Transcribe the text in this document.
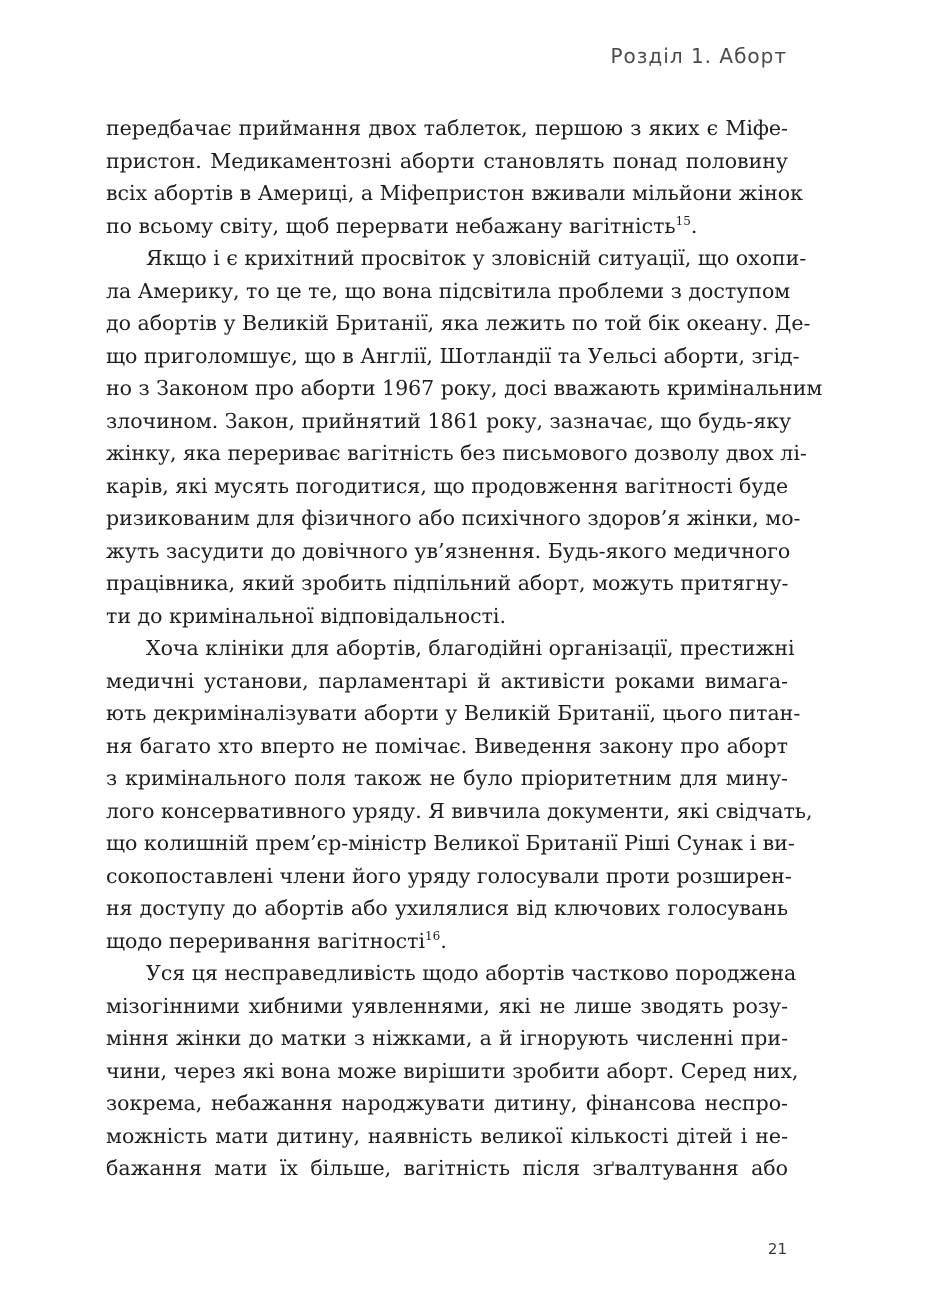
Розділ 1. Аборт
передбачає приймання двох таблеток, першою з яких є Міфе-
пристон. Медикаментозні аборти становлять понад половину
всіх абортів в Америці, а Міфепристон вживали мільйони жінок
по всьому світу, щоб перервати небажану вагітність$^{15}$.
Якщо і є крихітний просвіток у зловісній ситуації, що охопи-
ла Америку, то це те, що вона підсвітила проблеми з доступом
до абортів у Великій Британії, яка лежить по той бік океану. Де-
що приголомшує, що в Англії, Шотландії та Уельсі аборти, згід-
но з Законом про аборти 1967 року, досі вважають кримінальним
злочином. Закон, прийнятий 1861 року, зазначає, що будь-яку
жінку, яка перериває вагітність без письмового дозволу двох лі-
карів, які мусять погодитися, що продовження вагітності буде
ризикованим для фізичного або психічного здоров’я жінки, мо-
жуть засудити до довічного ув’язнення. Будь-якого медичного
працівника, який зробить підпільний аборт, можуть притягну-
ти до кримінальної відповідальності.
Хоча клініки для абортів, благодійні організації, престижні
медичні установи, парламентарі й активісти роками вимага-
ють декриміналізувати аборти у Великій Британії, цього питан-
ня багато хто вперто не помічає. Виведення закону про аборт
з кримінального поля також не було пріоритетним для мину-
лого консервативного уряду. Я вивчила документи, які свідчать,
що колишній прем’єр-міністр Великої Британії Ріші Сунак і ви-
сокопоставлені члени його уряду голосували проти розширен-
ня доступу до абортів або ухилялися від ключових голосувань
щодо переривання вагітності$^{16}$.
Уся ця несправедливість щодо абортів частково породжена
мізогінними хибними уявленнями, які не лише зводять розу-
міння жінки до матки з ніжками, а й ігнорують численні при-
чини, через які вона може вирішити зробити аборт. Серед них,
зокрема, небажання народжувати дитину, фінансова неспро-
можність мати дитину, наявність великої кількості дітей і не-
бажання мати їх більше, вагітність після зґвалтування або
21
